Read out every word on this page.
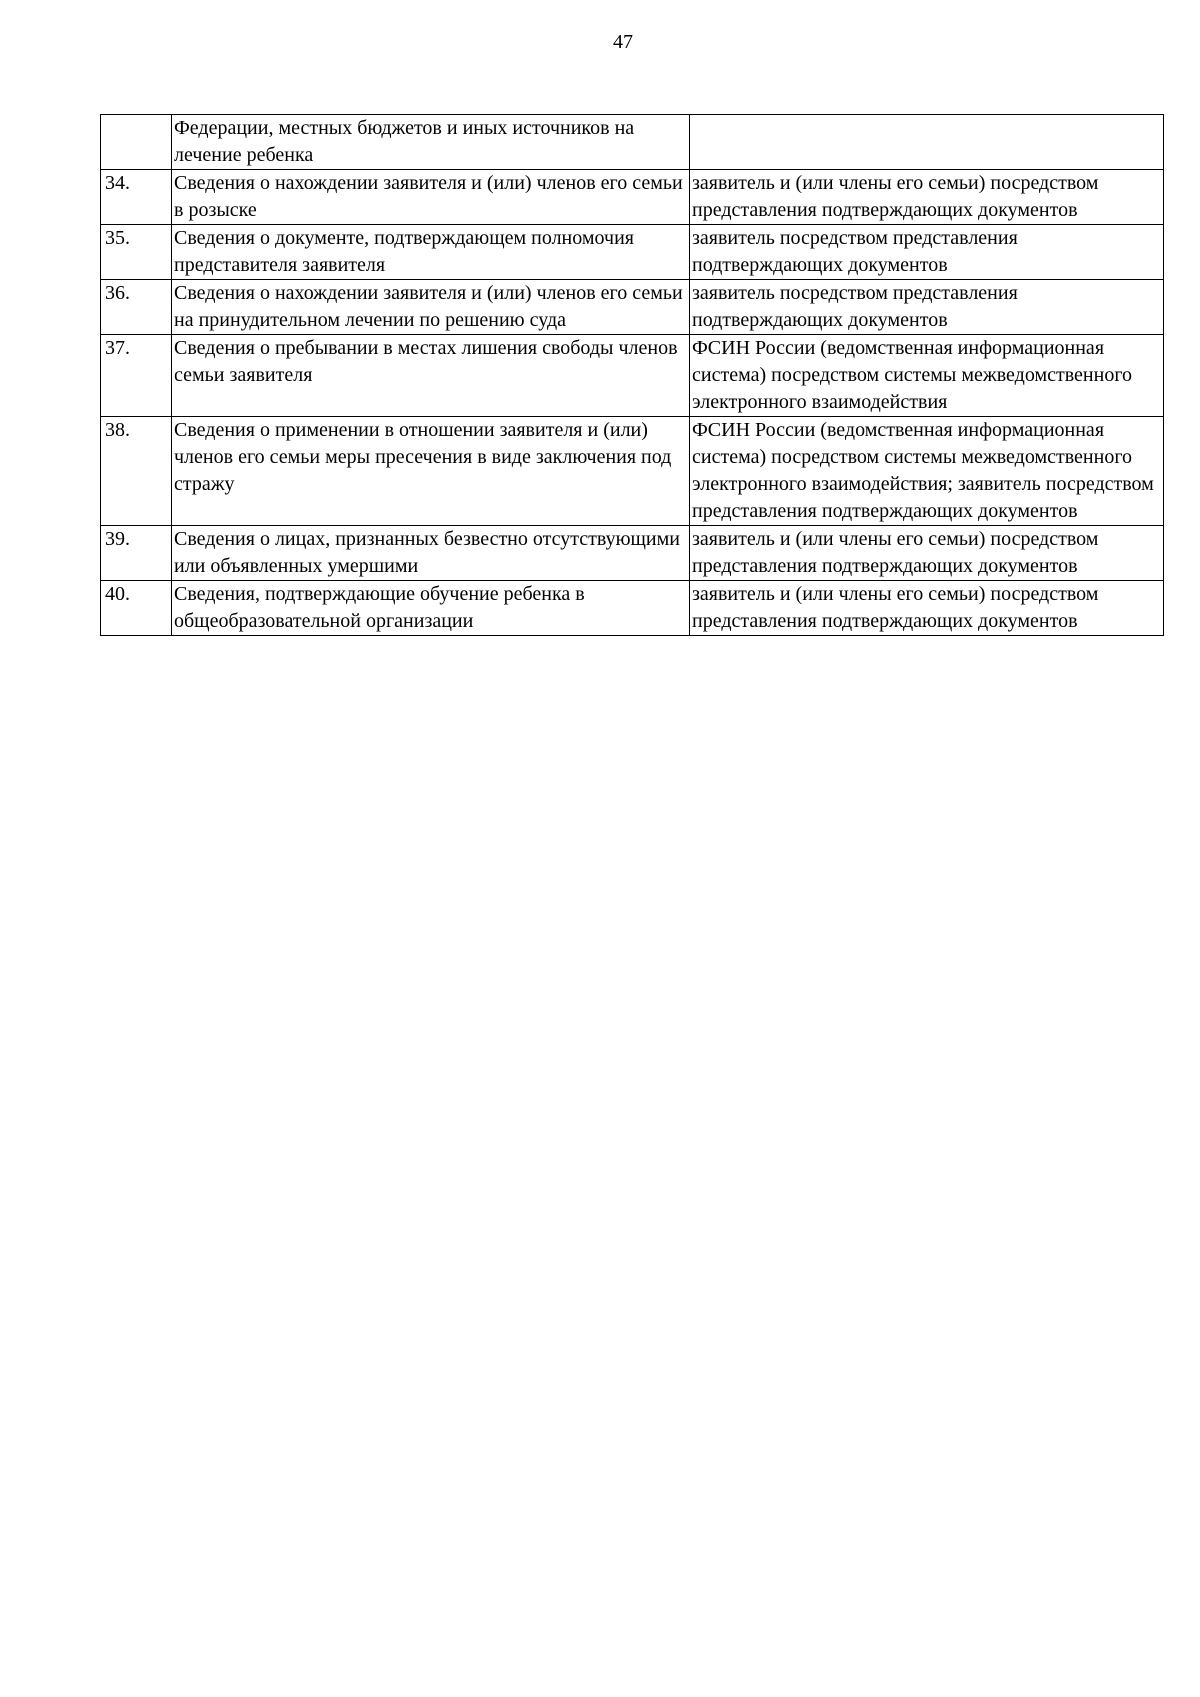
47
	Федерации, местных бюджетов и иных источников на лечение ребенка	
34.	Сведения о нахождении заявителя и (или) членов его семьи в розыске	заявитель и (или члены его семьи) посредством представления подтверждающих документов
35.	Сведения о документе, подтверждающем полномочия представителя заявителя	заявитель посредством представления подтверждающих документов
36.	Сведения о нахождении заявителя и (или) членов его семьи на принудительном лечении по решению суда	заявитель посредством представления подтверждающих документов
37.	Сведения о пребывании в местах лишения свободы членов семьи заявителя	ФСИН России (ведомственная информационная система) посредством системы межведомственного электронного взаимодействия
38.	Сведения о применении в отношении заявителя и (или) членов его семьи меры пресечения в виде заключения под стражу	ФСИН России (ведомственная информационная система) посредством системы межведомственного электронного взаимодействия; заявитель посредством представления подтверждающих документов
39.	Сведения о лицах, признанных безвестно отсутствующими или объявленных умершими	заявитель и (или члены его семьи) посредством представления подтверждающих документов
40.	Сведения, подтверждающие обучение ребенка в общеобразовательной организации	заявитель и (или члены его семьи) посредством представления подтверждающих документов
